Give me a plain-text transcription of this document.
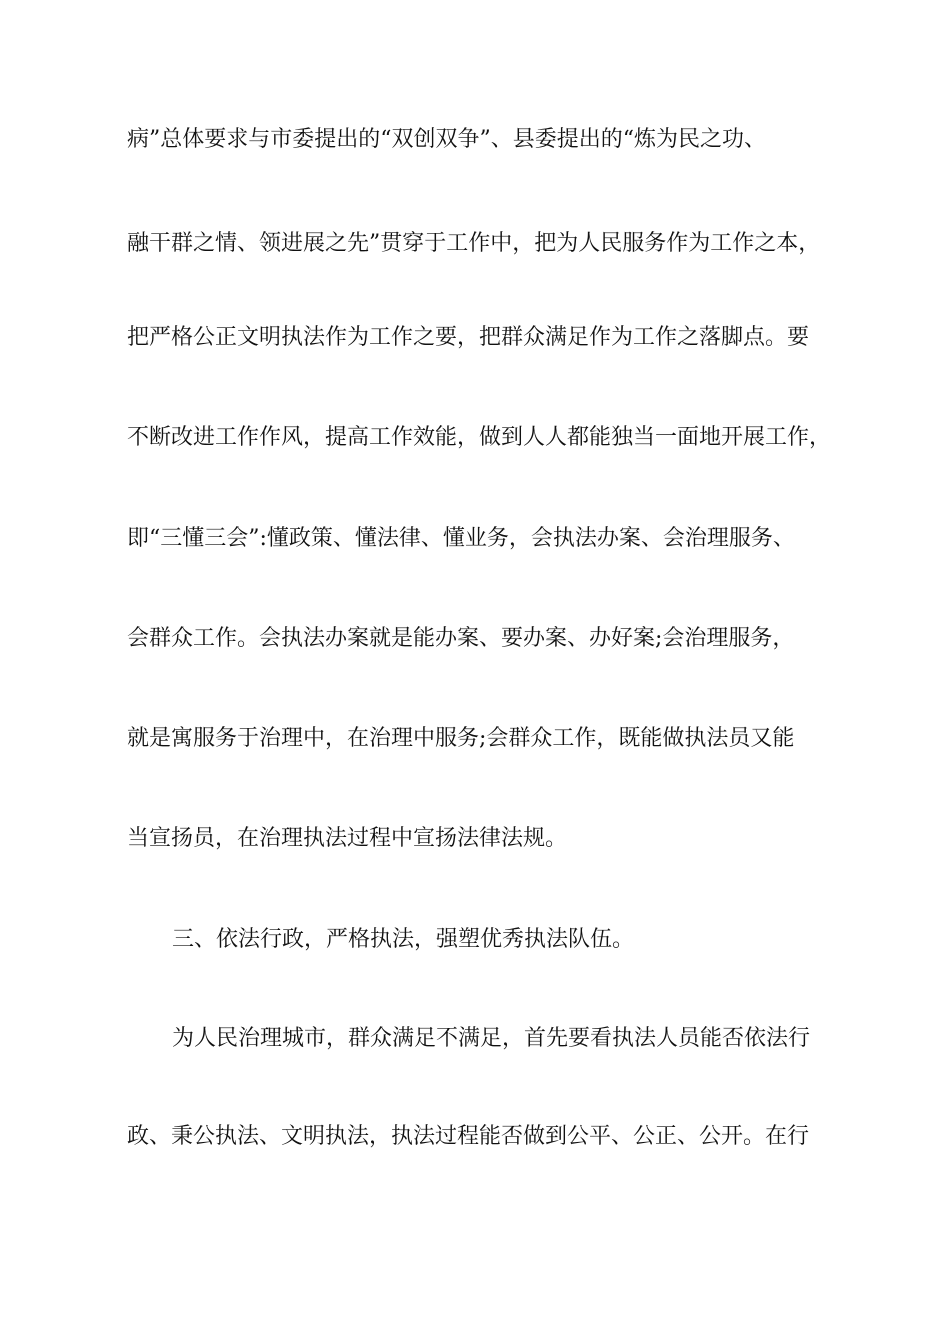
病”总体要求与市委提出的“双创双争”、县委提出的“炼为民之功、
融干群之情、领进展之先”贯穿于工作中，把为人民服务作为工作之本，
把严格公正文明执法作为工作之要，把群众满足作为工作之落脚点。要
不断改进工作作风，提高工作效能，做到人人都能独当一面地开展工作，
即“三懂三会”:懂政策、懂法律、懂业务，会执法办案、会治理服务、
会群众工作。会执法办案就是能办案、要办案、办好案;会治理服务，
就是寓服务于治理中，在治理中服务;会群众工作，既能做执法员又能
当宣扬员，在治理执法过程中宣扬法律法规。
三、依法行政，严格执法，强塑优秀执法队伍。
为人民治理城市，群众满足不满足，首先要看执法人员能否依法行
政、秉公执法、文明执法，执法过程能否做到公平、公正、公开。在行
